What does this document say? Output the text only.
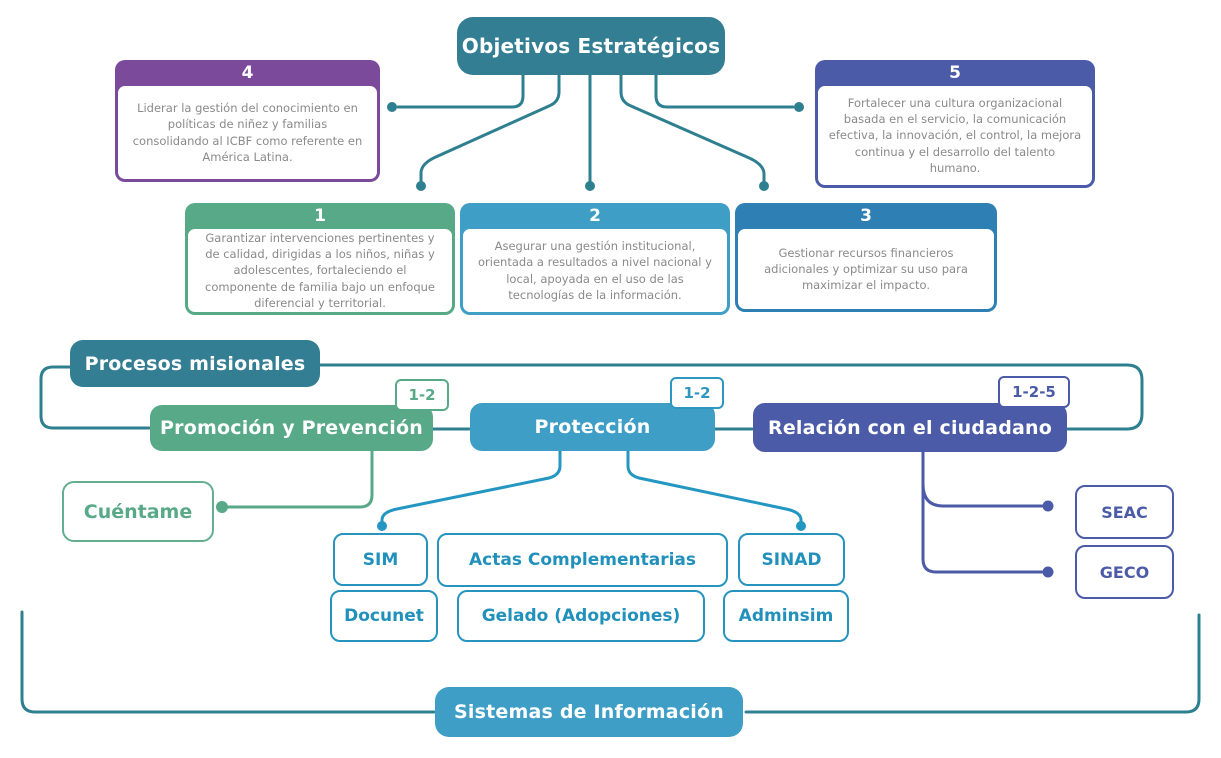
Objetivos Estratégicos
4
Liderar la gestión del conocimiento en políticas de niñez y familias consolidando al ICBF como referente en América Latina.
5
Fortalecer una cultura organizacional basada en el servicio, la comunicación efectiva, la innovación, el control, la mejora continua y el desarrollo del talento humano.
1
Garantizar intervenciones pertinentes y de calidad, dirigidas a los niños, niñas y adolescentes, fortaleciendo el componente de familia bajo un enfoque diferencial y territorial.
2
Asegurar una gestión institucional, orientada a resultados a nivel nacional y local, apoyada en el uso de las tecnologías de la información.
3
Gestionar recursos financieros adicionales y optimizar su uso para maximizar el impacto.
Procesos misionales
Promoción y Prevención	Protección	Relación con el ciudadano
1-2	1-2	1-2-5
Cuéntame
SIM	Actas Complementarias	SINAD
Docunet	Gelado (Adopciones)	Adminsim
SEAC
GECO
Sistemas de Información
